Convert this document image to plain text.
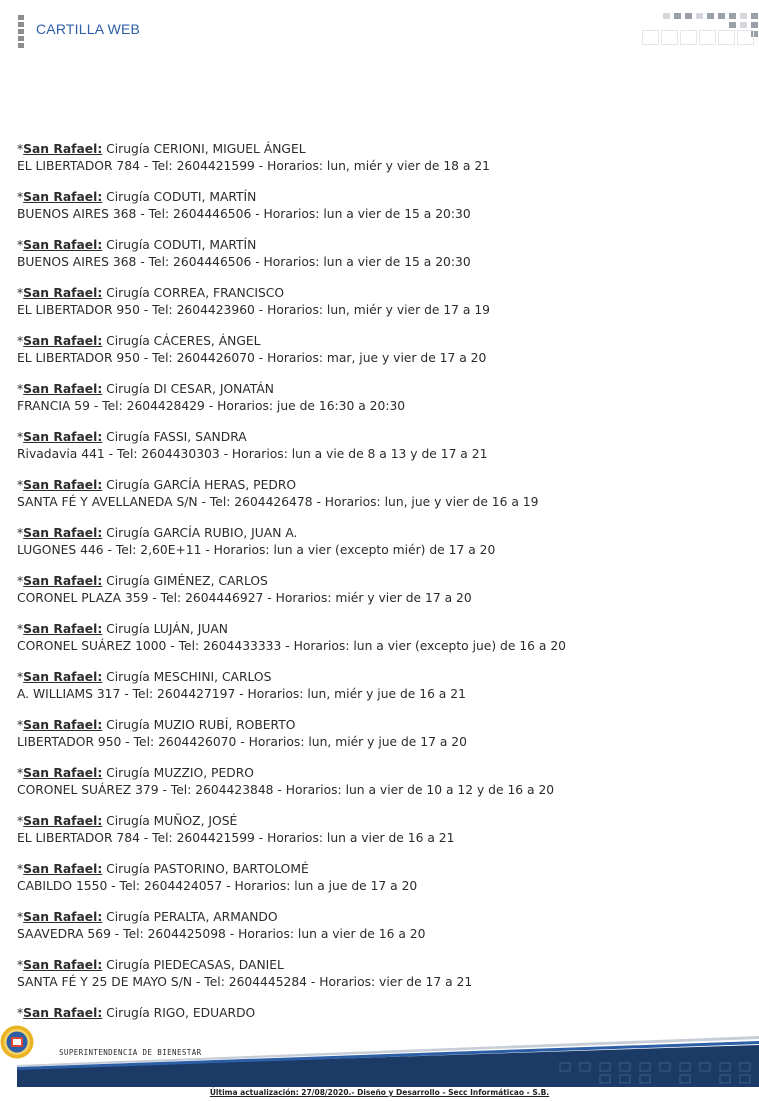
CARTILLA WEB
*San Rafael: Cirugía CERIONI, MIGUEL ÁNGEL
EL LIBERTADOR 784 - Tel: 2604421599 - Horarios: lun, miér y vier de 18 a 21
*San Rafael: Cirugía CODUTI, MARTÍN
BUENOS AIRES 368 - Tel: 2604446506 - Horarios: lun a vier de 15 a 20:30
*San Rafael: Cirugía CODUTI, MARTÍN
BUENOS AIRES 368 - Tel: 2604446506 - Horarios: lun a vier de 15 a 20:30
*San Rafael: Cirugía CORREA, FRANCISCO
EL LIBERTADOR 950 - Tel: 2604423960 - Horarios: lun, miér y vier de 17 a 19
*San Rafael: Cirugía CÁCERES, ÁNGEL
EL LIBERTADOR 950 - Tel: 2604426070 - Horarios: mar, jue y vier de 17 a 20
*San Rafael: Cirugía DI CESAR, JONATÁN
FRANCIA 59 - Tel: 2604428429 - Horarios: jue de 16:30 a 20:30
*San Rafael: Cirugía FASSI, SANDRA
Rivadavia 441 - Tel: 2604430303 - Horarios: lun a vie de 8 a 13 y de 17 a 21
*San Rafael: Cirugía GARCÍA HERAS, PEDRO
SANTA FÉ Y AVELLANEDA S/N - Tel: 2604426478 - Horarios: lun, jue y vier de 16 a 19
*San Rafael: Cirugía GARCÍA RUBIO, JUAN A.
LUGONES 446 - Tel: 2,60E+11 - Horarios: lun a vier (excepto miér) de 17 a 20
*San Rafael: Cirugía GIMÉNEZ, CARLOS
CORONEL PLAZA 359 - Tel: 2604446927 - Horarios: miér y vier de 17 a 20
*San Rafael: Cirugía LUJÁN, JUAN
CORONEL SUÁREZ 1000 - Tel: 2604433333 - Horarios: lun a vier (excepto jue) de 16 a 20
*San Rafael: Cirugía MESCHINI, CARLOS
A. WILLIAMS 317 - Tel: 2604427197 - Horarios: lun, miér y jue de 16 a 21
*San Rafael: Cirugía MUZIO RUBÍ, ROBERTO
LIBERTADOR 950 - Tel: 2604426070 - Horarios: lun, miér y jue de 17 a 20
*San Rafael: Cirugía MUZZIO, PEDRO
CORONEL SUÁREZ 379 - Tel: 2604423848 - Horarios: lun a vier de 10 a 12 y de 16 a 20
*San Rafael: Cirugía MUÑOZ, JOSÉ
EL LIBERTADOR 784 - Tel: 2604421599 - Horarios: lun a vier de 16 a 21
*San Rafael: Cirugía PASTORINO, BARTOLOMÉ
CABILDO 1550 - Tel: 2604424057 - Horarios: lun a jue de 17 a 20
*San Rafael: Cirugía PERALTA, ARMANDO
SAAVEDRA 569 - Tel: 2604425098 - Horarios: lun a vier de 16 a 20
*San Rafael: Cirugía PIEDECASAS, DANIEL
SANTA FÉ Y 25 DE MAYO S/N - Tel: 2604445284 - Horarios: vier de 17 a 21
*San Rafael: Cirugía RIGO, EDUARDO
SUPERINTENDENCIA DE BIENESTAR
Última actualización: 27/08/2020.- Diseño y Desarrollo - Secc Informáticao - S.B.
